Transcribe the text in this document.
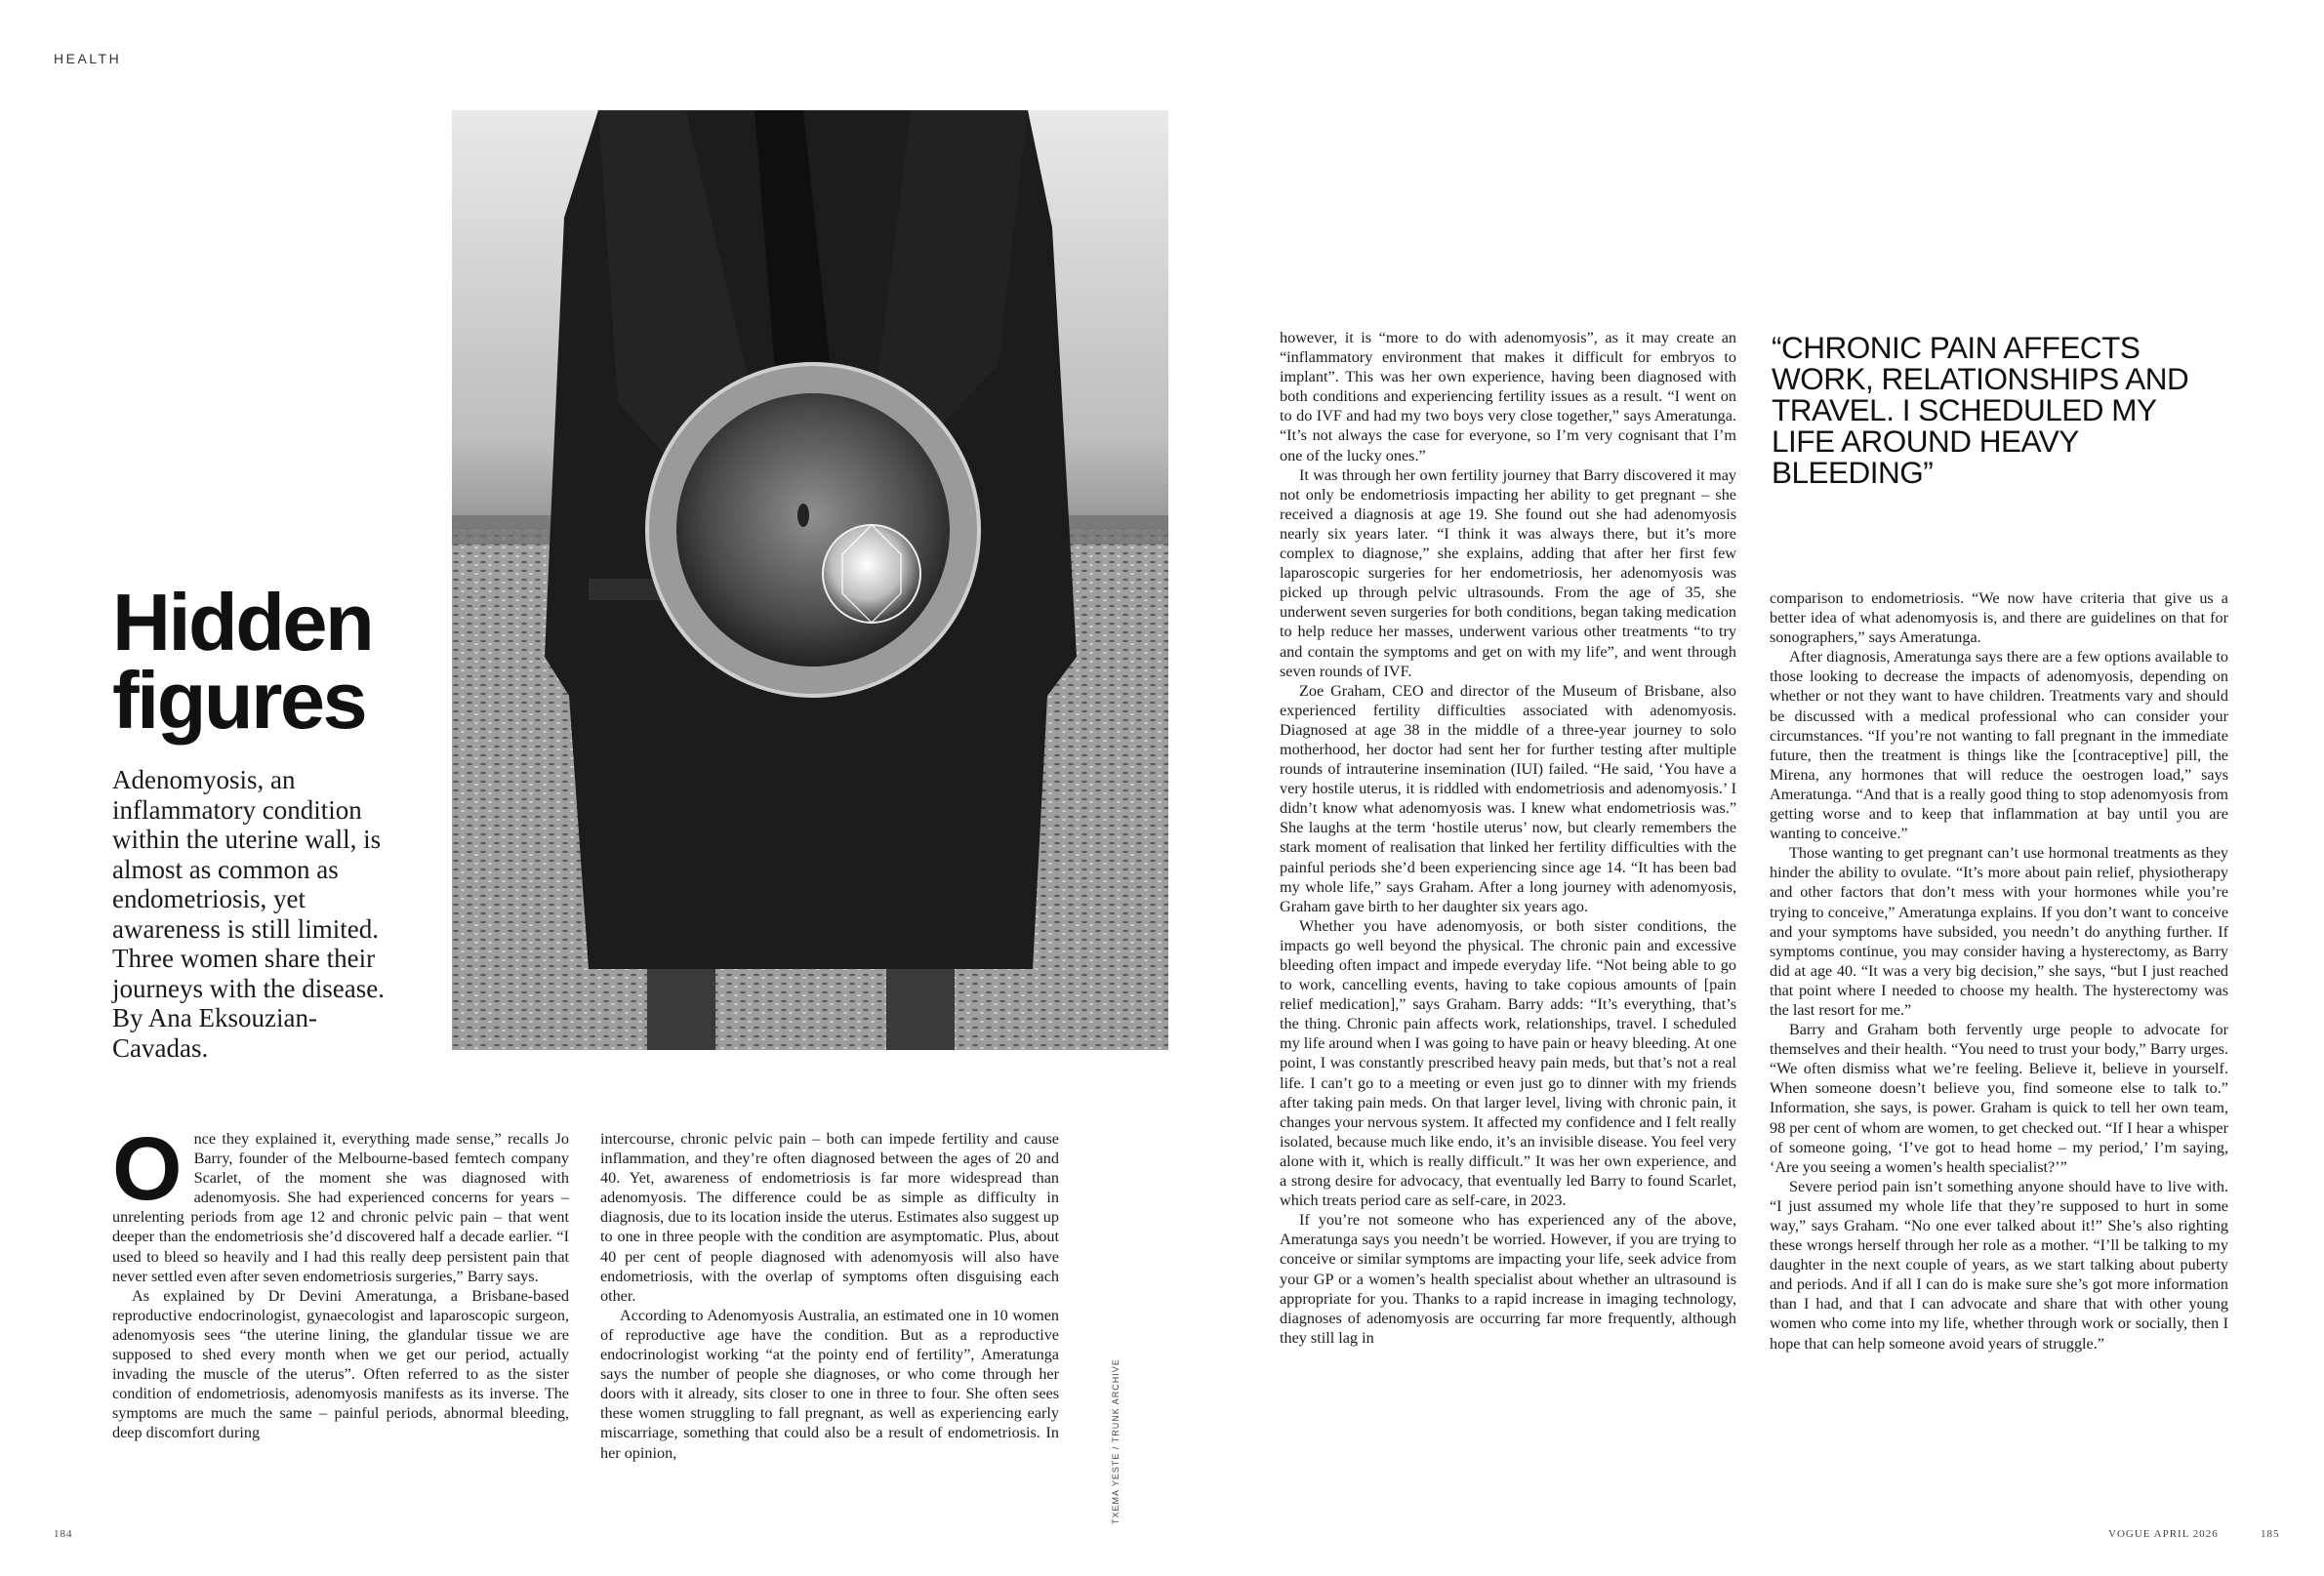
HEALTH
Hidden
figures

Adenomyosis, an inflammatory condition within the uterine wall, is almost as common as endometriosis, yet awareness is still limited. Three women share their journeys with the disease. By Ana Eksouzian-Cavadas.

Once they explained it, everything made sense,” recalls Jo Barry, founder of the Melbourne-based femtech company Scarlet, of the moment she was diagnosed with adenomyosis. She had experienced concerns for years – unrelenting periods from age 12 and chronic pelvic pain – that went deeper than the endometriosis she’d discovered half a decade earlier. “I used to bleed so heavily and I had this really deep persistent pain that never settled even after seven endometriosis surgeries,” Barry says.

As explained by Dr Devini Ameratunga, a Brisbane-based reproductive endocrinologist, gynaecologist and laparoscopic surgeon, adenomyosis sees “the uterine lining, the glandular tissue we are supposed to shed every month when we get our period, actually invading the muscle of the uterus”. Often referred to as the sister condition of endometriosis, adenomyosis manifests as its inverse. The symptoms are much the same – painful periods, abnormal bleeding, deep discomfort during

intercourse, chronic pelvic pain – both can impede fertility and cause inflammation, and they’re often diagnosed between the ages of 20 and 40. Yet, awareness of endometriosis is far more widespread than adenomyosis. The difference could be as simple as difficulty in diagnosis, due to its location inside the uterus. Estimates also suggest up to one in three people with the condition are asymptomatic. Plus, about 40 per cent of people diagnosed with adenomyosis will also have endometriosis, with the overlap of symptoms often disguising each other.

According to Adenomyosis Australia, an estimated one in 10 women of reproductive age have the condition. But as a reproductive endocrinologist working “at the pointy end of fertility”, Ameratunga says the number of people she diagnoses, or who come through her doors with it already, sits closer to one in three to four. She often sees these women struggling to fall pregnant, as well as experiencing early miscarriage, something that could also be a result of endometriosis. In her opinion,	TXEMA YESTE / TRUNK ARCHIVE
184

however, it is “more to do with adenomyosis”, as it may create an “inflammatory environment that makes it difficult for embryos to implant”. This was her own experience, having been diagnosed with both conditions and experiencing fertility issues as a result. “I went on to do IVF and had my two boys very close together,” says Ameratunga. “It’s not always the case for everyone, so I’m very cognisant that I’m one of the lucky ones.”

It was through her own fertility journey that Barry discovered it may not only be endometriosis impacting her ability to get pregnant – she received a diagnosis at age 19. She found out she had adenomyosis nearly six years later. “I think it was always there, but it’s more complex to diagnose,” she explains, adding that after her first few laparoscopic surgeries for her endometriosis, her adenomyosis was picked up through pelvic ultrasounds. From the age of 35, she underwent seven surgeries for both conditions, began taking medication to help reduce her masses, underwent various other treatments “to try and contain the symptoms and get on with my life”, and went through seven rounds of IVF.

Zoe Graham, CEO and director of the Museum of Brisbane, also experienced fertility difficulties associated with adenomyosis. Diagnosed at age 38 in the middle of a three-year journey to solo motherhood, her doctor had sent her for further testing after multiple rounds of intrauterine insemination (IUI) failed. “He said, ‘You have a very hostile uterus, it is riddled with endometriosis and adenomyosis.’ I didn’t know what adenomyosis was. I knew what endometriosis was.” She laughs at the term ‘hostile uterus’ now, but clearly remembers the stark moment of realisation that linked her fertility difficulties with the painful periods she’d been experiencing since age 14. “It has been bad my whole life,” says Graham. After a long journey with adenomyosis, Graham gave birth to her daughter six years ago.

Whether you have adenomyosis, or both sister conditions, the impacts go well beyond the physical. The chronic pain and excessive bleeding often impact and impede everyday life. “Not being able to go to work, cancelling events, having to take copious amounts of [pain relief medication],” says Graham. Barry adds: “It’s everything, that’s the thing. Chronic pain affects work, relationships, travel. I scheduled my life around when I was going to have pain or heavy bleeding. At one point, I was constantly prescribed heavy pain meds, but that’s not a real life. I can’t go to a meeting or even just go to dinner with my friends after taking pain meds. On that larger level, living with chronic pain, it changes your nervous system. It affected my confidence and I felt really isolated, because much like endo, it’s an invisible disease. You feel very alone with it, which is really difficult.” It was her own experience, and a strong desire for advocacy, that eventually led Barry to found Scarlet, which treats period care as self-care, in 2023.

If you’re not someone who has experienced any of the above, Ameratunga says you needn’t be worried. However, if you are trying to conceive or similar symptoms are impacting your life, seek advice from your GP or a women’s health specialist about whether an ultrasound is appropriate for you. Thanks to a rapid increase in imaging technology, diagnoses of adenomyosis are occurring far more frequently, although they still lag in

“CHRONIC PAIN AFFECTS WORK, RELATIONSHIPS AND TRAVEL. I SCHEDULED MY LIFE AROUND HEAVY BLEEDING”

comparison to endometriosis. “We now have criteria that give us a better idea of what adenomyosis is, and there are guidelines on that for sonographers,” says Ameratunga.

After diagnosis, Ameratunga says there are a few options available to those looking to decrease the impacts of adenomyosis, depending on whether or not they want to have children. Treatments vary and should be discussed with a medical professional who can consider your circumstances. “If you’re not wanting to fall pregnant in the immediate future, then the treatment is things like the [contraceptive] pill, the Mirena, any hormones that will reduce the oestrogen load,” says Ameratunga. “And that is a really good thing to stop adenomyosis from getting worse and to keep that inflammation at bay until you are wanting to conceive.”

Those wanting to get pregnant can’t use hormonal treatments as they hinder the ability to ovulate. “It’s more about pain relief, physiotherapy and other factors that don’t mess with your hormones while you’re trying to conceive,” Ameratunga explains. If you don’t want to conceive and your symptoms have subsided, you needn’t do anything further. If symptoms continue, you may consider having a hysterectomy, as Barry did at age 40. “It was a very big decision,” she says, “but I just reached that point where I needed to choose my health. The hysterectomy was the last resort for me.”

Barry and Graham both fervently urge people to advocate for themselves and their health. “You need to trust your body,” Barry urges. “We often dismiss what we’re feeling. Believe it, believe in yourself. When someone doesn’t believe you, find someone else to talk to.” Information, she says, is power. Graham is quick to tell her own team, 98 per cent of whom are women, to get checked out. “If I hear a whisper of someone going, ‘I’ve got to head home – my period,’ I’m saying, ‘Are you seeing a women’s health specialist?’”

Severe period pain isn’t something anyone should have to live with. “I just assumed my whole life that they’re supposed to hurt in some way,” says Graham. “No one ever talked about it!” She’s also righting these wrongs herself through her role as a mother. “I’ll be talking to my daughter in the next couple of years, as we start talking about puberty and periods. And if all I can do is make sure she’s got more information than I had, and that I can advocate and share that with other young women who come into my life, whether through work or socially, then I hope that can help someone avoid years of struggle.”

VOGUE APRIL 2026	185
